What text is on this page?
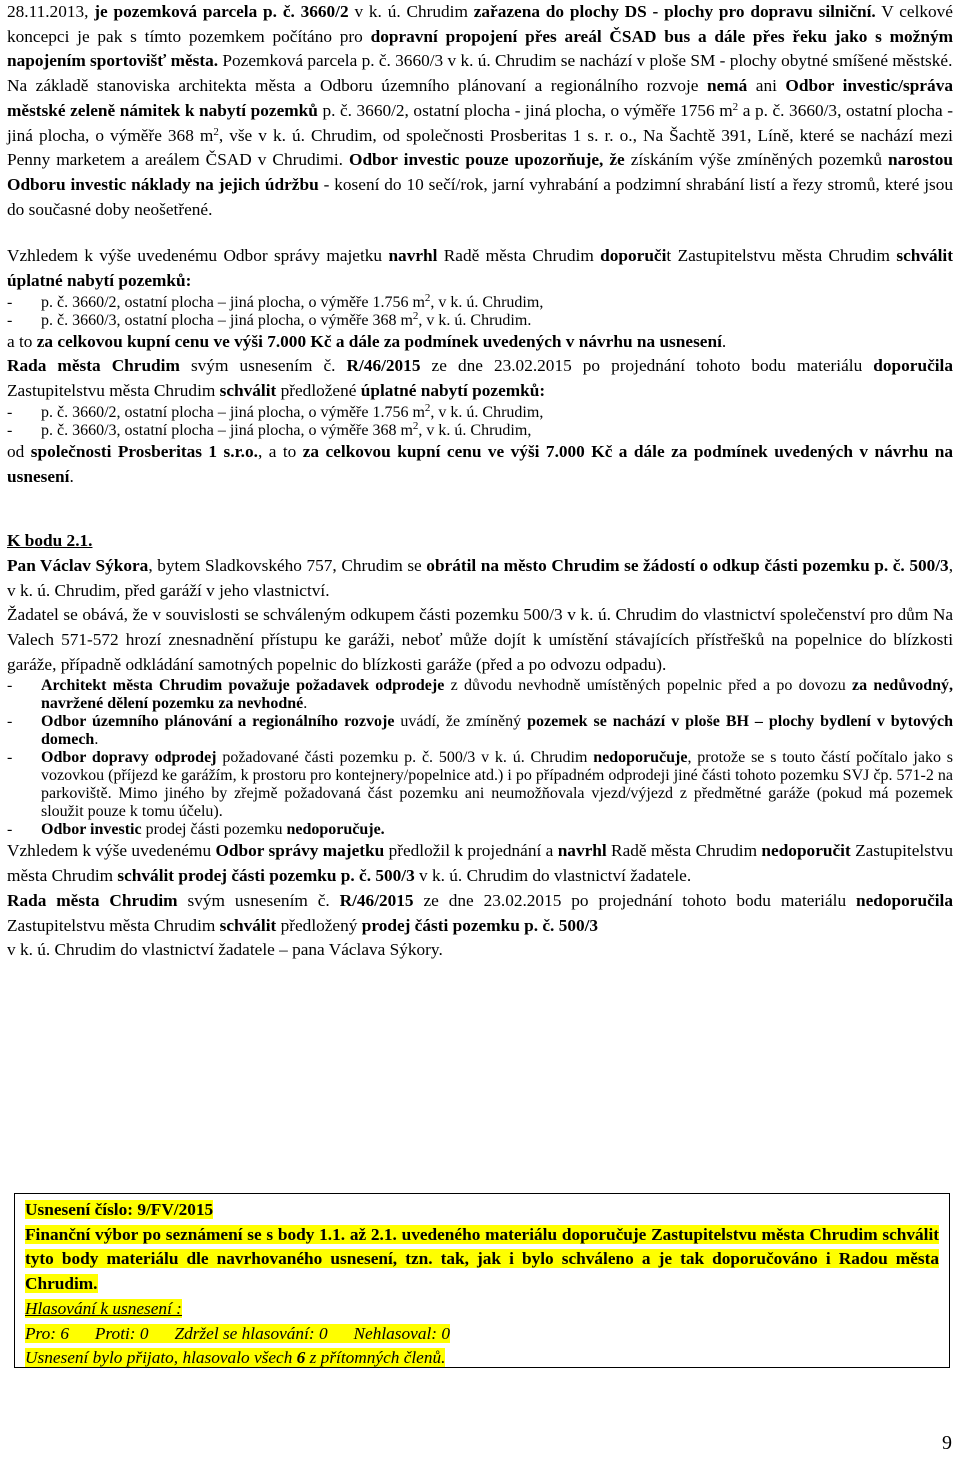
28.11.2013, je pozemková parcela p. č. 3660/2 v k. ú. Chrudim zařazena do plochy DS - plochy pro dopravu silniční. V celkové koncepci je pak s tímto pozemkem počítáno pro dopravní propojení přes areál ČSAD bus a dále přes řeku jako s možným napojením sportovišť města. Pozemková parcela p. č. 3660/3 v k. ú. Chrudim se nachází v ploše SM - plochy obytné smíšené městské.

Na základě stanoviska architekta města a Odboru územního plánovaní a regionálního rozvoje nemá ani Odbor investic/správa městské zeleně námitek k nabytí pozemků p. č. 3660/2, ostatní plocha - jiná plocha, o výměře 1756 $m^2$ a p. č. 3660/3, ostatní plocha - jiná plocha, o výměře 368 $m^2$, vše v k. ú. Chrudim, od společnosti Prosberitas 1 s. r. o., Na Šachtě 391, Líně, které se nachází mezi Penny marketem a areálem ČSAD v Chrudimi. Odbor investic pouze upozorňuje, že získáním výše zmíněných pozemků narostou Odboru investic náklady na jejich údržbu - kosení do 10 sečí/rok, jarní vyhrabání a podzimní shrabání listí a řezy stromů, které jsou do současné doby neošetřené.

Vzhledem k výše uvedenému Odbor správy majetku navrhl Radě města Chrudim doporučit Zastupitelstvu města Chrudim schválit úplatné nabytí pozemků:

-	p. č. 3660/2, ostatní plocha – jiná plocha, o výměře 1.756 $m^2$, v k. ú. Chrudim,
-	p. č. 3660/3, ostatní plocha – jiná plocha, o výměře 368 $m^2$, v k. ú. Chrudim.

a to za celkovou kupní cenu ve výši 7.000 Kč a dále za podmínek uvedených v návrhu na usnesení.

Rada města Chrudim svým usnesením č. R/46/2015 ze dne 23.02.2015 po projednání tohoto bodu materiálu doporučila Zastupitelstvu města Chrudim schválit předložené úplatné nabytí pozemků:

-	p. č. 3660/2, ostatní plocha – jiná plocha, o výměře 1.756 $m^2$, v k. ú. Chrudim,
-	p. č. 3660/3, ostatní plocha – jiná plocha, o výměře 368 $m^2$, v k. ú. Chrudim,

od společnosti Prosberitas 1 s.r.o., a to za celkovou kupní cenu ve výši 7.000 Kč a dále za podmínek uvedených v návrhu na usnesení.

K bodu 2.1.

Pan Václav Sýkora, bytem Sladkovského 757, Chrudim se obrátil na město Chrudim se žádostí o odkup části pozemku p. č. 500/3, v k. ú. Chrudim, před garáží v jeho vlastnictví.

Žadatel se obává, že v souvislosti se schváleným odkupem části pozemku 500/3 v k. ú. Chrudim do vlastnictví společenství pro dům Na Valech 571-572 hrozí znesnadnění přístupu ke garáži, neboť může dojít k umístění stávajících přístřešků na popelnice do blízkosti garáže, případně odkládání samotných popelnic do blízkosti garáže (před a po odvozu odpadu).

-	Architekt města Chrudim považuje požadavek odprodeje z důvodu nevhodně umístěných popelnic před a po dovozu za nedůvodný, navržené dělení pozemku za nevhodné.
-	Odbor územního plánování a regionálního rozvoje uvádí, že zmíněný pozemek se nachází v ploše BH – plochy bydlení v bytových domech.
-	Odbor dopravy odprodej požadované části pozemku p. č. 500/3 v k. ú. Chrudim nedoporučuje, protože se s touto částí počítalo jako s vozovkou (příjezd ke garážím, k prostoru pro kontejnery/popelnice atd.) i po případném odprodeji jiné části tohoto pozemku SVJ čp. 571-2 na parkoviště. Mimo jiného by zřejmě požadovaná část pozemku ani neumožňovala vjezd/výjezd z předmětné garáže (pokud má pozemek sloužit pouze k tomu účelu).
-	Odbor investic prodej části pozemku nedoporučuje.

Vzhledem k výše uvedenému Odbor správy majetku předložil k projednání a navrhl Radě města Chrudim nedoporučit Zastupitelstvu města Chrudim schválit prodej části pozemku p. č. 500/3 v k. ú. Chrudim do vlastnictví žadatele.

Rada města Chrudim svým usnesením č. R/46/2015 ze dne 23.02.2015 po projednání tohoto bodu materiálu nedoporučila Zastupitelstvu města Chrudim schválit předložený prodej části pozemku p. č. 500/3

v k. ú. Chrudim do vlastnictví žadatele – pana Václava Sýkory.

Usnesení číslo: 9/FV/2015

Finanční výbor po seznámení se s body 1.1. až 2.1. uvedeného materiálu doporučuje Zastupitelstvu města Chrudim schválit tyto body materiálu dle navrhovaného usnesení, tzn. tak, jak i bylo schváleno a je tak doporučováno i Radou města Chrudim.

Hlasování k usnesení :

Pro: 6 Proti: 0 Zdržel se hlasování: 0 Nehlasoval: 0

Usnesení bylo přijato, hlasovalo všech 6 z přítomných členů.

9
